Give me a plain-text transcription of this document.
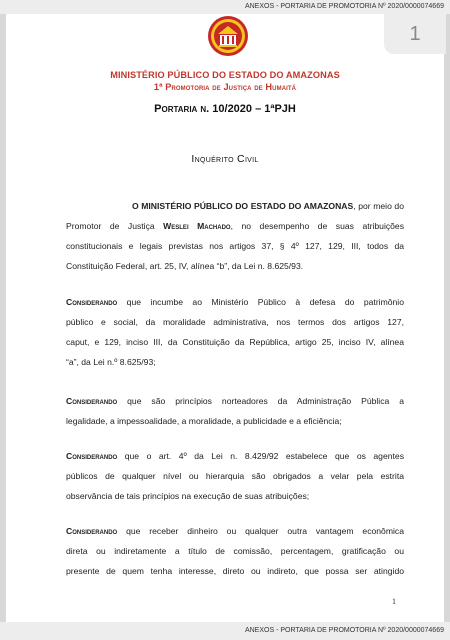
ANEXOS - PORTARIA DE PROMOTORIA Nº 2020/0000074669
1
MINISTÉRIO PÚBLICO DO ESTADO DO AMAZONAS
1ª Promotoria de Justiça de Humaitá
Portaria n. 10/2020 – 1ªPJH
Inquérito Civil
O MINISTÉRIO PÚBLICO DO ESTADO DO AMAZONAS, por meio do
Promotor de Justiça Weslei Machado, no desempenho de suas atribuições
constitucionais e legais previstas nos artigos 37, § 4º 127, 129, III, todos da
Constituição Federal, art. 25, IV, alínea “b”, da Lei n. 8.625/93.
Considerando que incumbe ao Ministério Público à defesa do patrimônio
público e social, da moralidade administrativa, nos termos dos artigos 127,
caput, e 129, inciso III, da Constituição da República, artigo 25, inciso IV, alínea
“a”, da Lei n.º 8.625/93;
Considerando que são princípios norteadores da Administração Pública a
legalidade, a impessoalidade, a moralidade, a publicidade e a eficiência;
Considerando que o art. 4º da Lei n. 8.429/92 estabelece que os agentes
públicos de qualquer nível ou hierarquia são obrigados a velar pela estrita
observância de tais princípios na execução de suas atribuições;
Considerando que receber dinheiro ou qualquer outra vantagem econômica
direta ou indiretamente a título de comissão, percentagem, gratificação ou
presente de quem tenha interesse, direto ou indireto, que possa ser atingido
1
ANEXOS - PORTARIA DE PROMOTORIA Nº 2020/0000074669
